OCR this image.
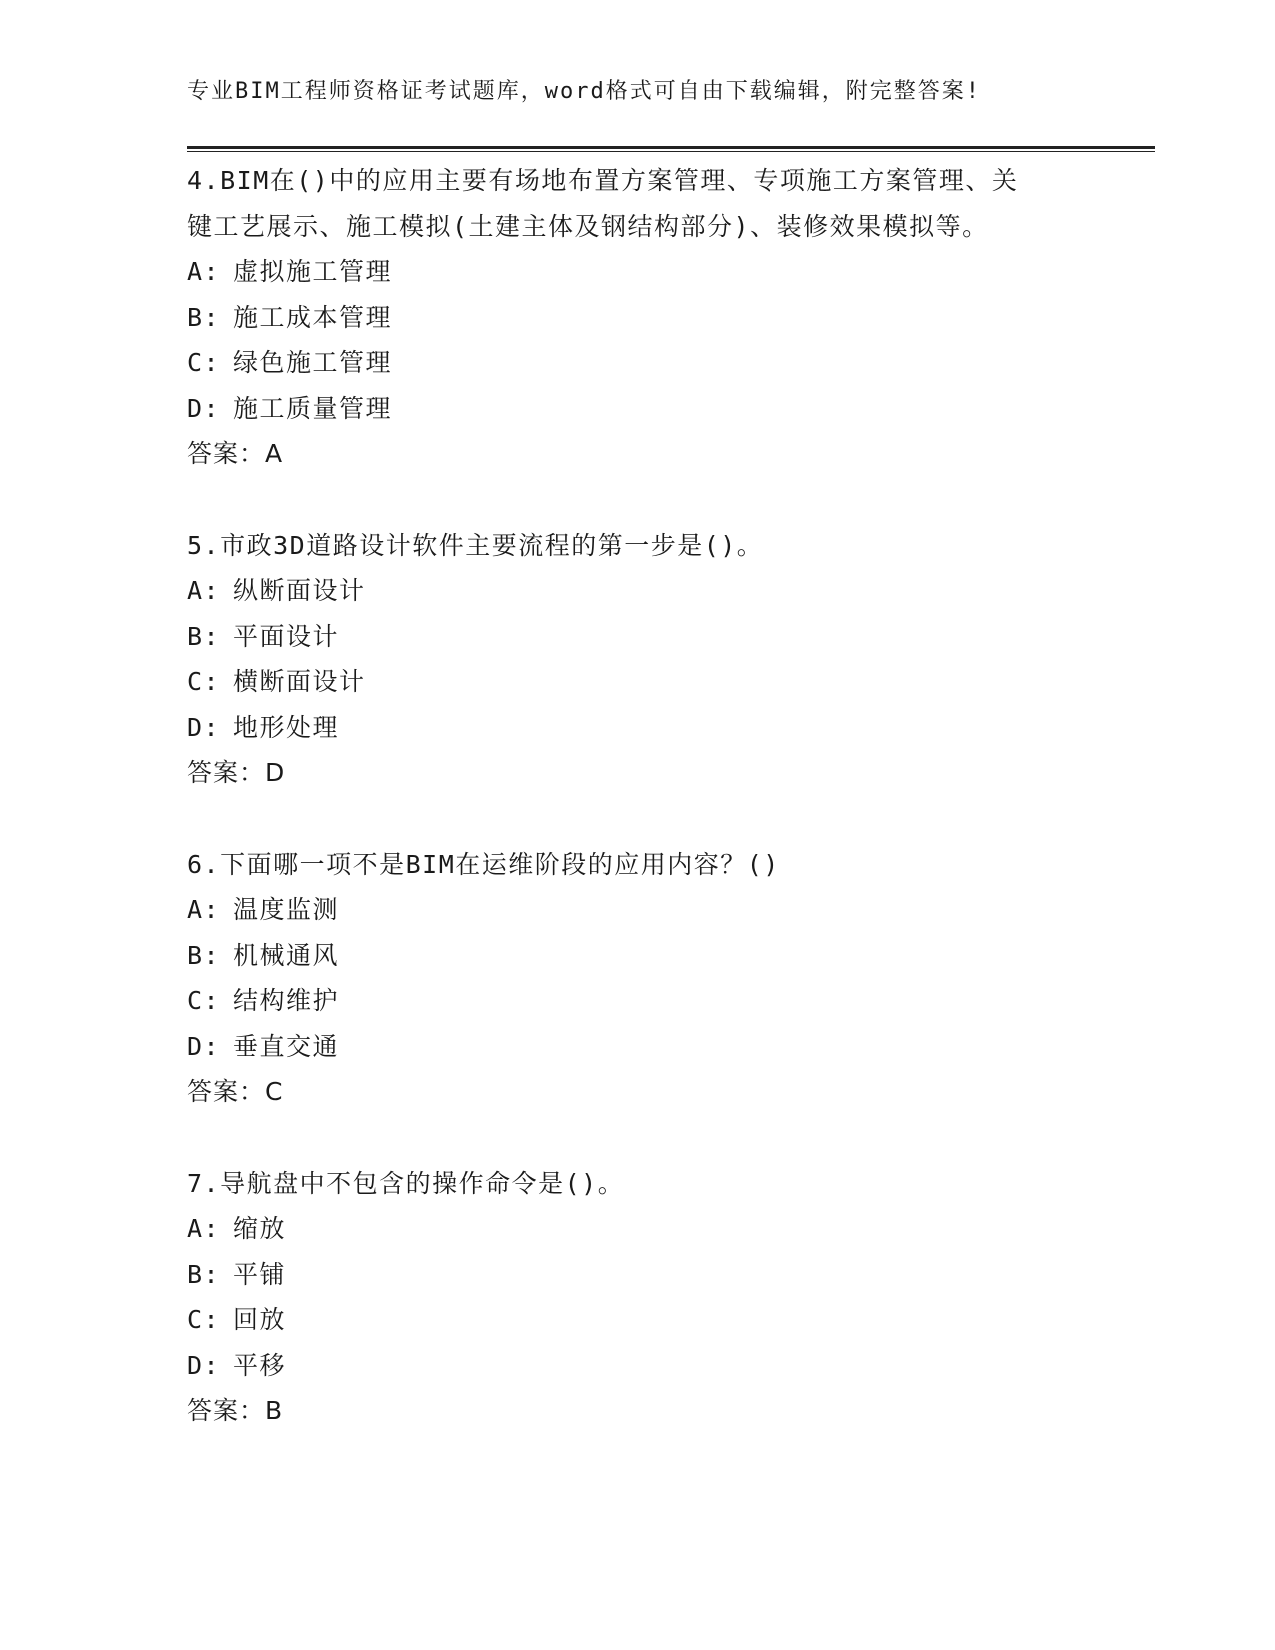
专业BIM工程师资格证考试题库，word格式可自由下载编辑，附完整答案!
4.BIM在()中的应用主要有场地布置方案管理、专项施工方案管理、关
键工艺展示、施工模拟(土建主体及钢结构部分)、装修效果模拟等。
A: 虚拟施工管理
B: 施工成本管理
C: 绿色施工管理
D: 施工质量管理
答案：A
5.市政3D道路设计软件主要流程的第一步是()。
A: 纵断面设计
B: 平面设计
C: 横断面设计
D: 地形处理
答案：D
6.下面哪一项不是BIM在运维阶段的应用内容？()
A: 温度监测
B: 机械通风
C: 结构维护
D: 垂直交通
答案：C
7.导航盘中不包含的操作命令是()。
A: 缩放
B: 平铺
C: 回放
D: 平移
答案：B
